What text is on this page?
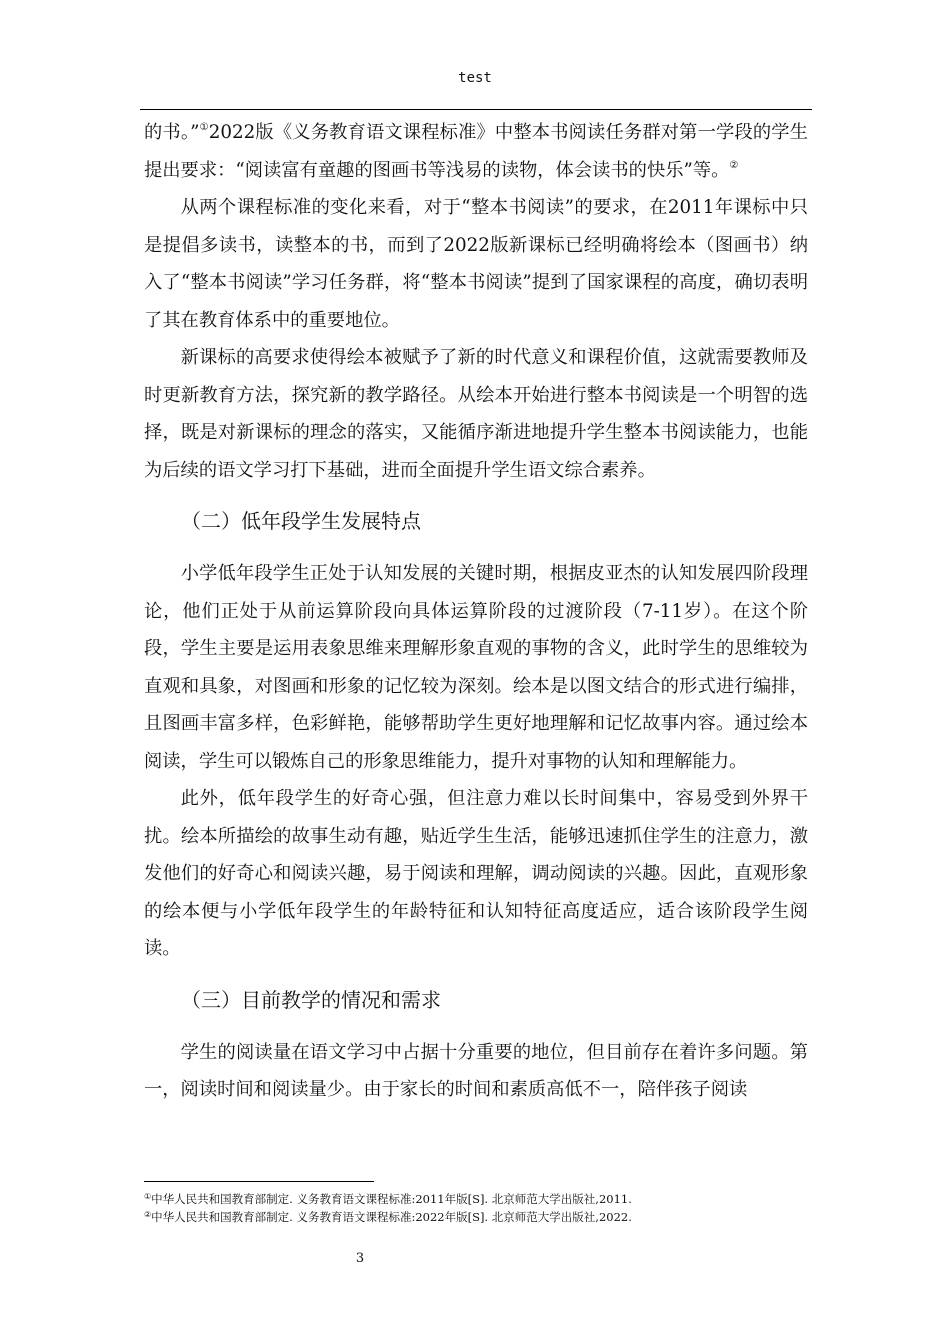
test

的书。”①2022版《义务教育语文课程标准》中整本书阅读任务群对第一学段的学生提出要求：“阅读富有童趣的图画书等浅易的读物，体会读书的快乐”等。②

从两个课程标准的变化来看，对于“整本书阅读”的要求，在2011年课标中只是提倡多读书，读整本的书，而到了2022版新课标已经明确将绘本（图画书）纳入了“整本书阅读”学习任务群，将“整本书阅读”提到了国家课程的高度，确切表明了其在教育体系中的重要地位。

新课标的高要求使得绘本被赋予了新的时代意义和课程价值，这就需要教师及时更新教育方法，探究新的教学路径。从绘本开始进行整本书阅读是一个明智的选择，既是对新课标的理念的落实，又能循序渐进地提升学生整本书阅读能力，也能为后续的语文学习打下基础，进而全面提升学生语文综合素养。

（二）低年段学生发展特点

小学低年段学生正处于认知发展的关键时期，根据皮亚杰的认知发展四阶段理论，他们正处于从前运算阶段向具体运算阶段的过渡阶段（7-11岁）。在这个阶段，学生主要是运用表象思维来理解形象直观的事物的含义，此时学生的思维较为直观和具象，对图画和形象的记忆较为深刻。绘本是以图文结合的形式进行编排，且图画丰富多样，色彩鲜艳，能够帮助学生更好地理解和记忆故事内容。通过绘本阅读，学生可以锻炼自己的形象思维能力，提升对事物的认知和理解能力。

此外，低年段学生的好奇心强，但注意力难以长时间集中，容易受到外界干扰。绘本所描绘的故事生动有趣，贴近学生生活，能够迅速抓住学生的注意力，激发他们的好奇心和阅读兴趣，易于阅读和理解，调动阅读的兴趣。因此，直观形象的绘本便与小学低年段学生的年龄特征和认知特征高度适应，适合该阶段学生阅读。

（三）目前教学的情况和需求

学生的阅读量在语文学习中占据十分重要的地位，但目前存在着许多问题。第一，阅读时间和阅读量少。由于家长的时间和素质高低不一，陪伴孩子阅读

①中华人民共和国教育部制定. 义务教育语文课程标准:2011年版[S]. 北京师范大学出版社,2011.
②中华人民共和国教育部制定. 义务教育语文课程标准:2022年版[S]. 北京师范大学出版社,2022.
3
